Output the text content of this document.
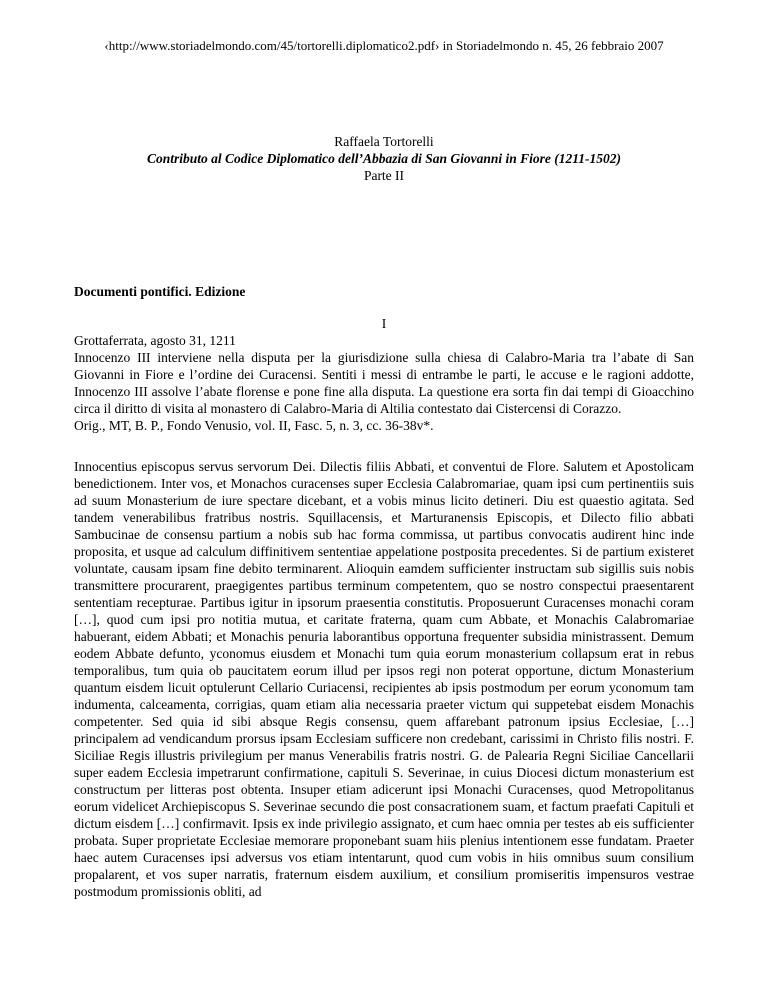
‹http://www.storiadelmondo.com/45/tortorelli.diplomatico2.pdf› in Storiadelmondo n. 45, 26 febbraio 2007
Raffaela Tortorelli
Contributo al Codice Diplomatico dell’Abbazia di San Giovanni in Fiore (1211-1502)
Parte II
Documenti pontifici. Edizione
I

Grottaferrata, agosto 31, 1211

Innocenzo III interviene nella disputa per la giurisdizione sulla chiesa di Calabro-Maria tra l’abate di San Giovanni in Fiore e l’ordine dei Curacensi. Sentiti i messi di entrambe le parti, le accuse e le ragioni addotte, Innocenzo III assolve l’abate florense e pone fine alla disputa. La questione era sorta fin dai tempi di Gioacchino circa il diritto di visita al monastero di Calabro-Maria di Altilia contestato dai Cistercensi di Corazzo.

Orig., MT, B. P., Fondo Venusio, vol. II, Fasc. 5, n. 3, cc. 36-38v*.

Innocentius episcopus servus servorum Dei. Dilectis filiis Abbati, et conventui de Flore. Salutem et Apostolicam benedictionem. Inter vos, et Monachos curacenses super Ecclesia Calabromariae, quam ipsi cum pertinentiis suis ad suum Monasterium de iure spectare dicebant, et a vobis minus licito detineri. Diu est quaestio agitata. Sed tandem venerabilibus fratribus nostris. Squillacensis, et Marturanensis Episcopis, et Dilecto filio abbati Sambucinae de consensu partium a nobis sub hac forma commissa, ut partibus convocatis audirent hinc inde proposita, et usque ad calculum diffinitivem sententiae appelatione postposita precedentes. Si de partium existeret voluntate, causam ipsam fine debito terminarent. Alioquin eamdem sufficienter instructam sub sigillis suis nobis transmittere procurarent, praegigentes partibus terminum competentem, quo se nostro conspectui praesentarent sententiam recepturae. Partibus igitur in ipsorum praesentia constitutis. Proposuerunt Curacenses monachi coram […], quod cum ipsi pro notitia mutua, et caritate fraterna, quam cum Abbate, et Monachis Calabromariae habuerant, eidem Abbati; et Monachis penuria laborantibus opportuna frequenter subsidia ministrassent. Demum eodem Abbate defunto, yconomus eiusdem et Monachi tum quia eorum monasterium collapsum erat in rebus temporalibus, tum quia ob paucitatem eorum illud per ipsos regi non poterat opportune, dictum Monasterium quantum eisdem licuit optulerunt Cellario Curiacensi, recipientes ab ipsis postmodum per eorum yconomum tam indumenta, calceamenta, corrigias, quam etiam alia necessaria praeter victum qui suppetebat eisdem Monachis competenter. Sed quia id sibi absque Regis consensu, quem affarebant patronum ipsius Ecclesiae, […] principalem ad vendicandum prorsus ipsam Ecclesiam sufficere non credebant, carissimi in Christo filis nostri. F. Siciliae Regis illustris privilegium per manus Venerabilis fratris nostri. G. de Palearia Regni Siciliae Cancellarii super eadem Ecclesia impetrarunt confirmatione, capituli S. Severinae, in cuius Diocesi dictum monasterium est constructum per litteras post obtenta. Insuper etiam adicerunt ipsi Monachi Curacenses, quod Metropolitanus eorum videlicet Archiepiscopus S. Severinae secundo die post consacrationem suam, et factum praefati Capituli et dictum eisdem […] confirmavit. Ipsis ex inde privilegio assignato, et cum haec omnia per testes ab eis sufficienter probata. Super proprietate Ecclesiae memorare proponebant suam hiis plenius intentionem esse fundatam. Praeter haec autem Curacenses ipsi adversus vos etiam intentarunt, quod cum vobis in hiis omnibus suum consilium propalarent, et vos super narratis, fraternum eisdem auxilium, et consilium promiseritis impensuros vestrae postmodum promissionis obliti, ad
